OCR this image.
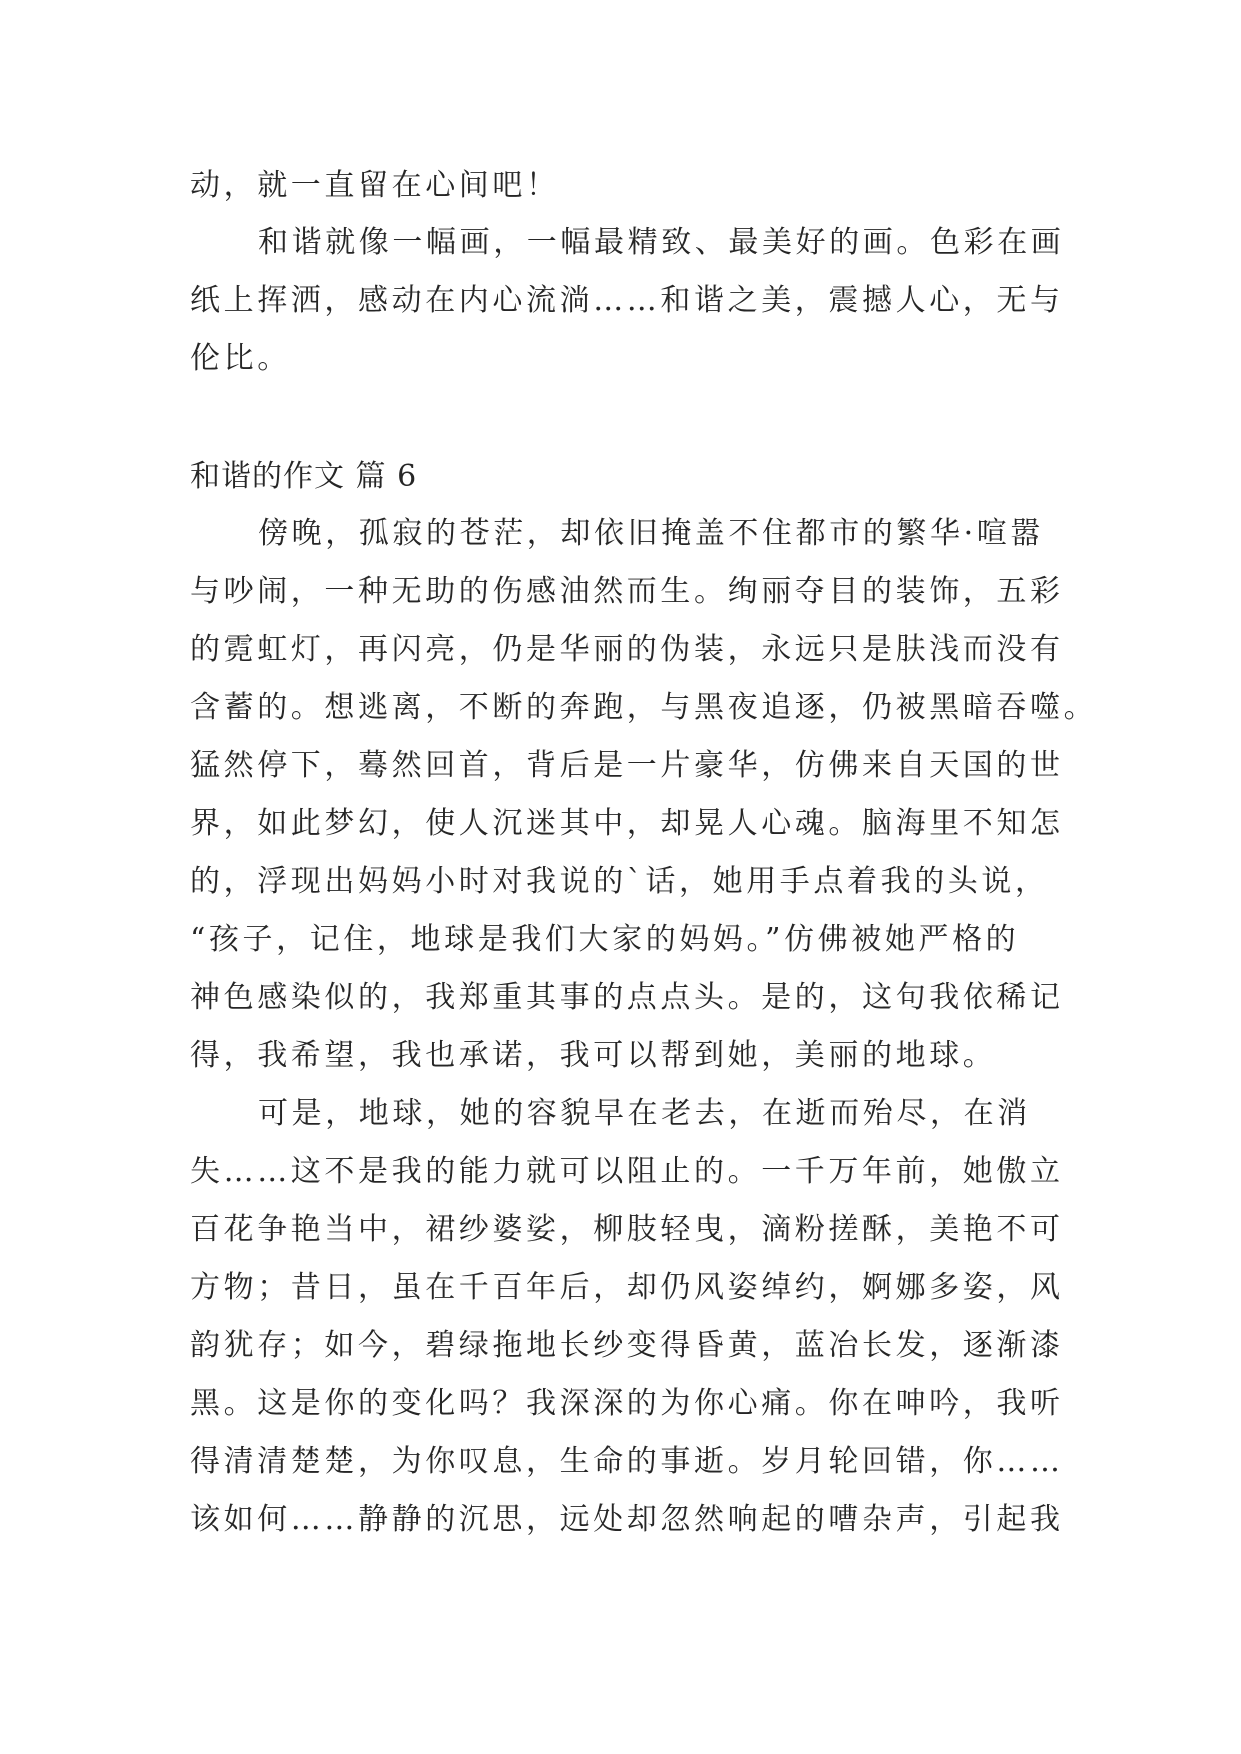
动，就一直留在心间吧！
和谐就像一幅画，一幅最精致、最美好的画。色彩在画
纸上挥洒，感动在内心流淌……和谐之美，震撼人心，无与
伦比。
和谐的作文 篇 6
傍晚，孤寂的苍茫，却依旧掩盖不住都市的繁华·喧嚣
与吵闹，一种无助的伤感油然而生。绚丽夺目的装饰，五彩
的霓虹灯，再闪亮，仍是华丽的伪装，永远只是肤浅而没有
含蓄的。想逃离，不断的奔跑，与黑夜追逐，仍被黑暗吞噬。
猛然停下，蓦然回首，背后是一片豪华，仿佛来自天国的世
界，如此梦幻，使人沉迷其中，却晃人心魂。脑海里不知怎
的，浮现出妈妈小时对我说的`话，她用手点着我的头说，
“孩子，记住，地球是我们大家的妈妈。”仿佛被她严格的
神色感染似的，我郑重其事的点点头。是的，这句我依稀记
得，我希望，我也承诺，我可以帮到她，美丽的地球。
可是，地球，她的容貌早在老去，在逝而殆尽，在消
失……这不是我的能力就可以阻止的。一千万年前，她傲立
百花争艳当中，裙纱婆娑，柳肢轻曳，滴粉搓酥，美艳不可
方物；昔日，虽在千百年后，却仍风姿绰约，婀娜多姿，风
韵犹存；如今，碧绿拖地长纱变得昏黄，蓝冶长发，逐渐漆
黑。这是你的变化吗？我深深的为你心痛。你在呻吟，我听
得清清楚楚，为你叹息，生命的事逝。岁月轮回错，你……
该如何……静静的沉思，远处却忽然响起的嘈杂声，引起我
